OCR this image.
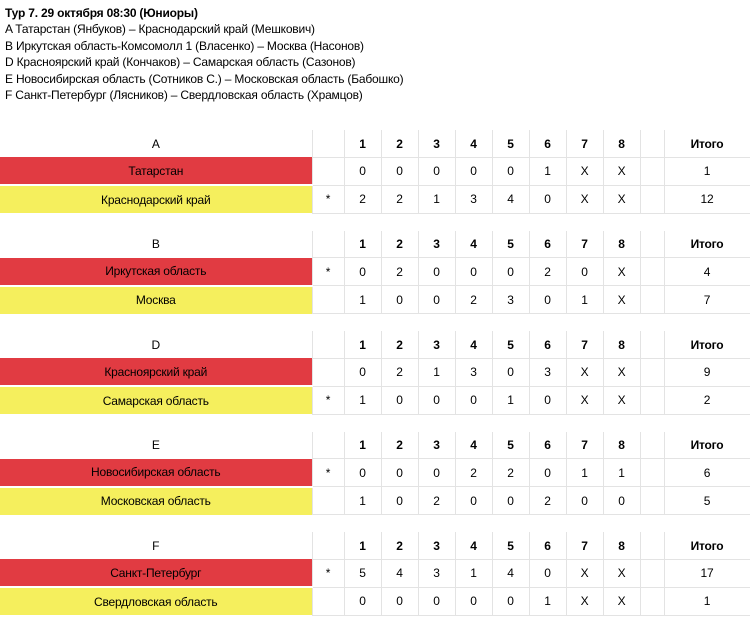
Тур 7. 29 октября 08:30 (Юниоры)
A Татарстан (Янбуков) – Краснодарский край (Мешкович)
B Иркутская область-Комсомолл 1 (Власенко) – Москва (Насонов)
D Красноярский край (Кончаков) – Самарская область (Сазонов)
E Новосибирская область (Сотников С.) – Московская область (Бабошко)
F Санкт-Петербург (Лясников) – Свердловская область (Храмцов)
A		1	2	3	4	5	6	7	8		Итого
Татарстан		0	0	0	0	0	1	X	X		1
Краснодарский край	*	2	2	1	3	4	0	X	X		12
B		1	2	3	4	5	6	7	8		Итого
Иркутская область	*	0	2	0	0	0	2	0	X		4
Москва		1	0	0	2	3	0	1	X		7
D		1	2	3	4	5	6	7	8		Итого
Красноярский край		0	2	1	3	0	3	X	X		9
Самарская область	*	1	0	0	0	1	0	X	X		2
E		1	2	3	4	5	6	7	8		Итого
Новосибирская область	*	0	0	0	2	2	0	1	1		6
Московская область		1	0	2	0	0	2	0	0		5
F		1	2	3	4	5	6	7	8		Итого
Санкт-Петербург	*	5	4	3	1	4	0	X	X		17
Свердловская область		0	0	0	0	0	1	X	X		1
